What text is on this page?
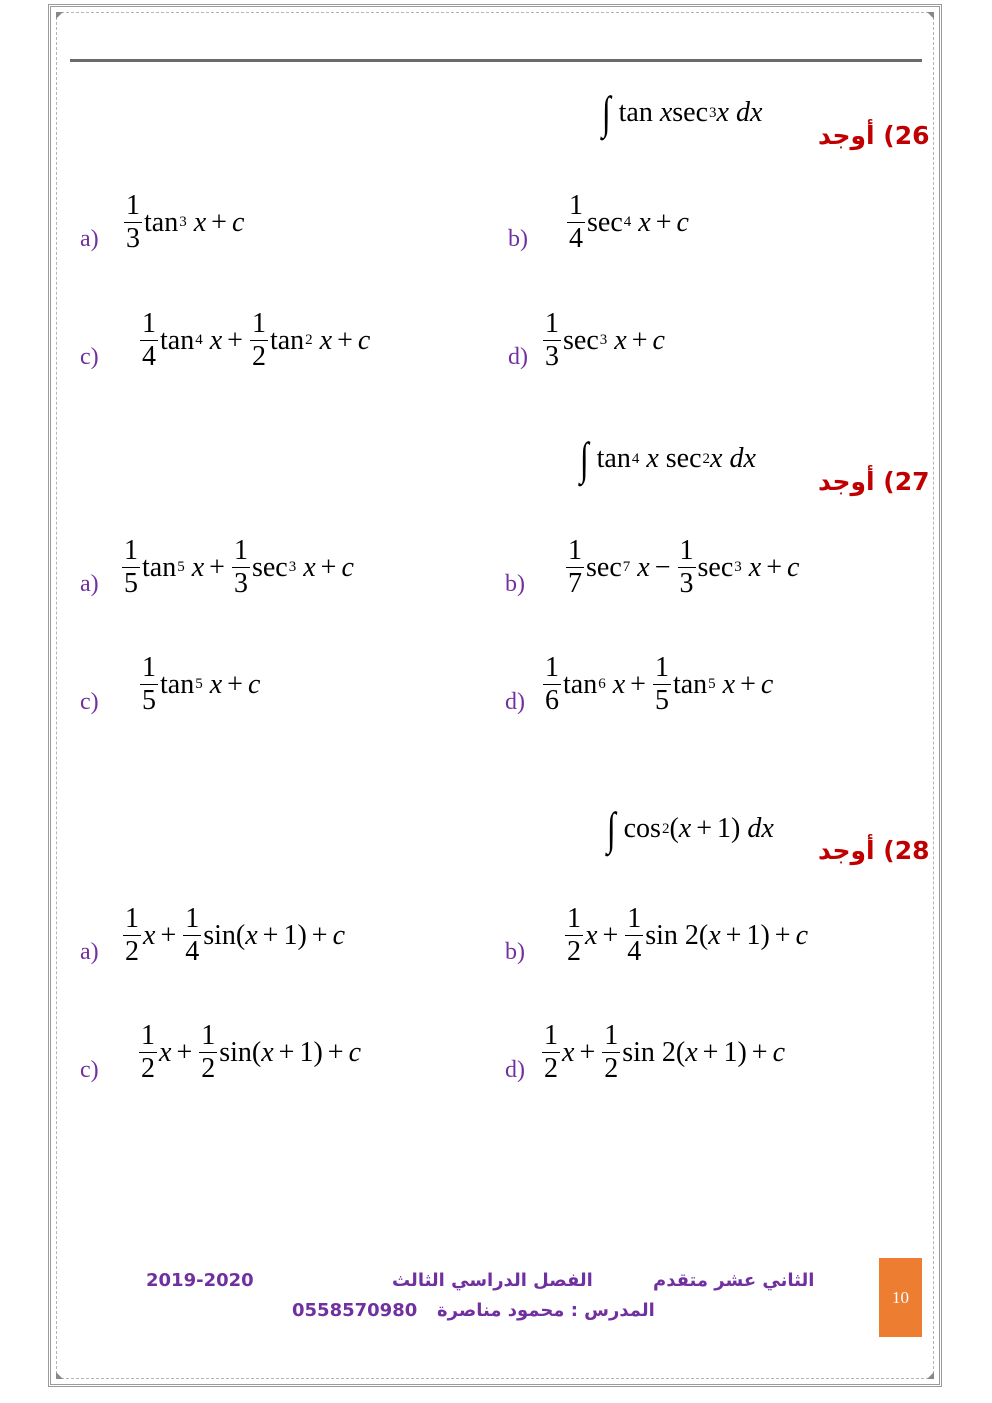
∫ tan
x sec 3 x
dx
26) أوجد
$a) \frac{1}{3}$ tan 3
x + c
$b) \frac{1}{4}$ sec 4
x + c
$c) \frac{1}{4}$ tan 4
$x + \frac{1}{2}$ tan 2
x + c
$d) \frac{1}{3}$ sec 3
x + c
∫ tan 4
x
sec 2 x
dx
27) أوجد
$a) \frac{1}{5}$ tan 5
$x + \frac{1}{3}$ sec 3
x + c
$b) \frac{1}{7}$ sec 7
$x - \frac{1}{3}$ sec 3
x + c
$c) \frac{1}{5}$ tan 5
x + c
$d) \frac{1}{6}$ tan 6
$x + \frac{1}{5}$ tan 5
x + c
∫ cos 2 ( x + 1) dx
28) أوجد
$a) \frac{1}{2}$ $x + \frac{1}{4} \sin$( x + 1) + c
$b) \frac{1}{2}$ $x + \frac{1}{4}$ sin 2( x + 1) + c
$c) \frac{1}{2}$ $x + \frac{1}{2} \sin$( x + 1) + c
$d) \frac{1}{2}$ $x + \frac{1}{2}$ sin 2( x + 1) + c
2019-2020	الفصل الدراسي الثالث	الثاني عشر متقدم
0558570980 المدرس : محمود مناصرة
10
